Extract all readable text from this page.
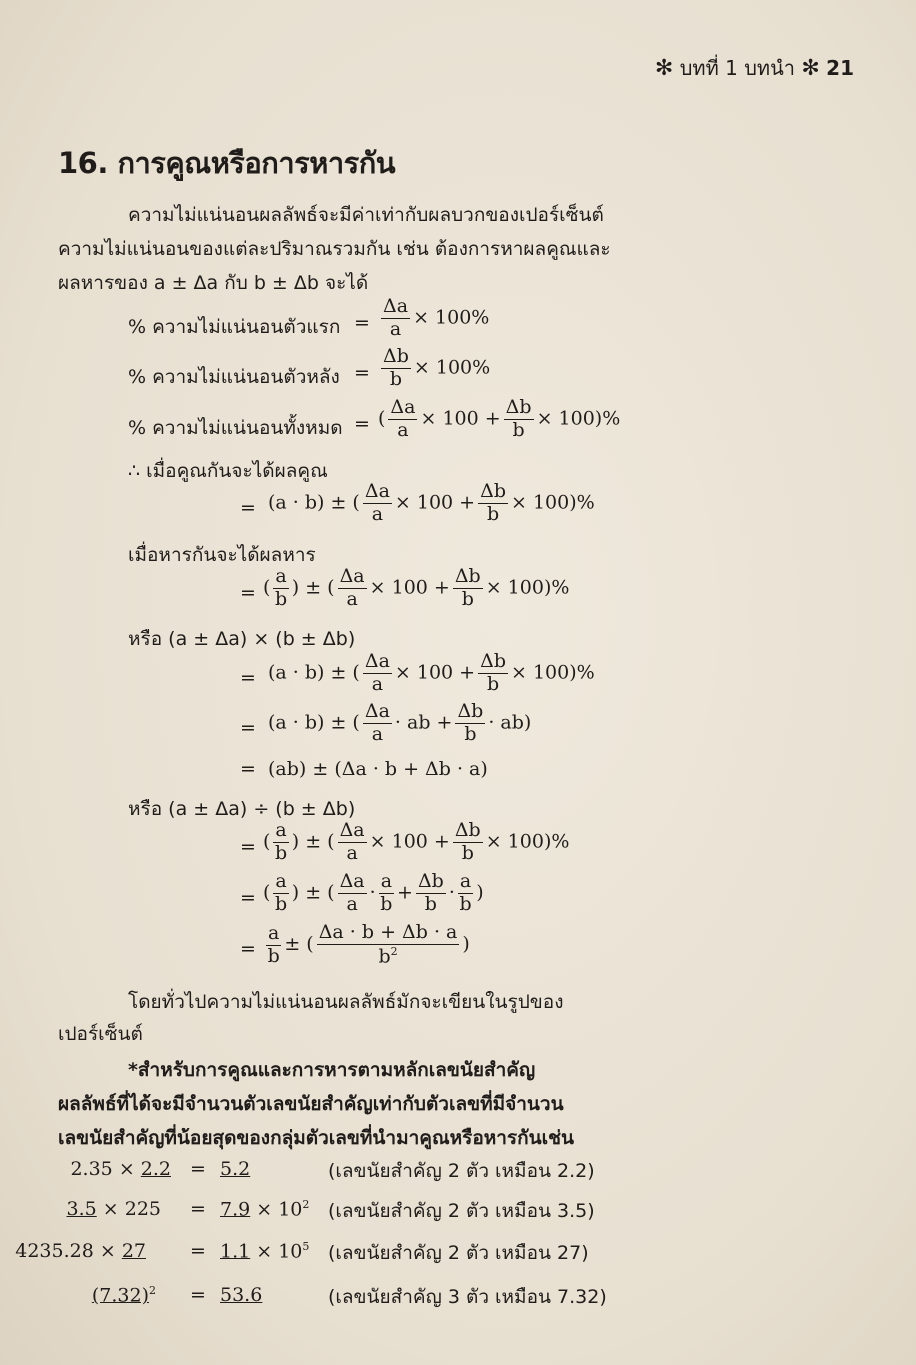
✻ บทที่ 1 บทนำ ✻ 21
16. การคูณหรือการหารกัน
ความไม่แน่นอนผลลัพธ์จะมีค่าเท่ากับผลบวกของเปอร์เซ็นต์
ความไม่แน่นอนของแต่ละปริมาณรวมกัน เช่น ต้องการหาผลคูณและ
ผลหารของ a ± Δa กับ b ± Δb จะได้
% ความไม่แน่นอนตัวแรก = $\frac{\Delta a}{a} \times 100\%$
% ความไม่แน่นอนตัวหลัง = $\frac{\Delta b}{b} \times 100\%$
% ความไม่แน่นอนทั้งหมด = ( $\frac{\Delta a}{a} \times 100 + \frac{\Delta b}{b} \times 100)\%$
∴ เมื่อคูณกันจะได้ผลคูณ
= (a · b) ± ( $\frac{\Delta a}{a} \times 100 + \frac{\Delta b}{b} \times 100)\%$
เมื่อหารกันจะได้ผลหาร
= ( $\frac{a}{b}$ ) ± ( $\frac{\Delta a}{a} \times 100 + \frac{\Delta b}{b} \times 100)\%$
หรือ (a ± Δa) × (b ± Δb)
= (a · b) ± ( $\frac{\Delta a}{a} \times 100 + \frac{\Delta b}{b} \times 100)\%$
= (a · b) ± ( $\frac{\Delta a}{a}$ · ab + $\frac{\Delta b}{b} \cdot ab$)
= (ab) ± (Δa · b + Δb · a)
หรือ (a ± Δa) ÷ (b ± Δb)
= ( $\frac{a}{b}$ ) ± ( $\frac{\Delta a}{a} \times 100 + \frac{\Delta b}{b} \times 100)\%$
= ( $\frac{a}{b}$ ) ± ( $\frac{\Delta a}{a} \cdot \frac{a}{b} + \frac{\Delta b}{b} \cdot \frac{a}{b}$ )
= $\frac{a}{b}$ ± ( $\frac{\Delta a \cdot b + \Delta b \cdot a}{b^2}$ )
โดยทั่วไปความไม่แน่นอนผลลัพธ์มักจะเขียนในรูปของ
เปอร์เซ็นต์
*สำหรับการคูณและการหารตามหลักเลขนัยสำคัญ
ผลลัพธ์ที่ได้จะมีจำนวนตัวเลขนัยสำคัญเท่ากับตัวเลขที่มีจำนวน
เลขนัยสำคัญที่น้อยสุดของกลุ่มตัวเลขที่นำมาคูณหรือหารกันเช่น
2.35 × 2.2 = 5.2	(เลขนัยสำคัญ 2 ตัว เหมือน 2.2)
$3.5 \times 225 = 7.9 \times 10^2$ (เลขนัยสำคัญ 2 ตัว เหมือน 3.5)
$4235.28 \times 27 = 1.1 \times 10^5$ (เลขนัยสำคัญ 2 ตัว เหมือน 27)
$(7.32)^2 = 53.6$	(เลขนัยสำคัญ 3 ตัว เหมือน 7.32)
